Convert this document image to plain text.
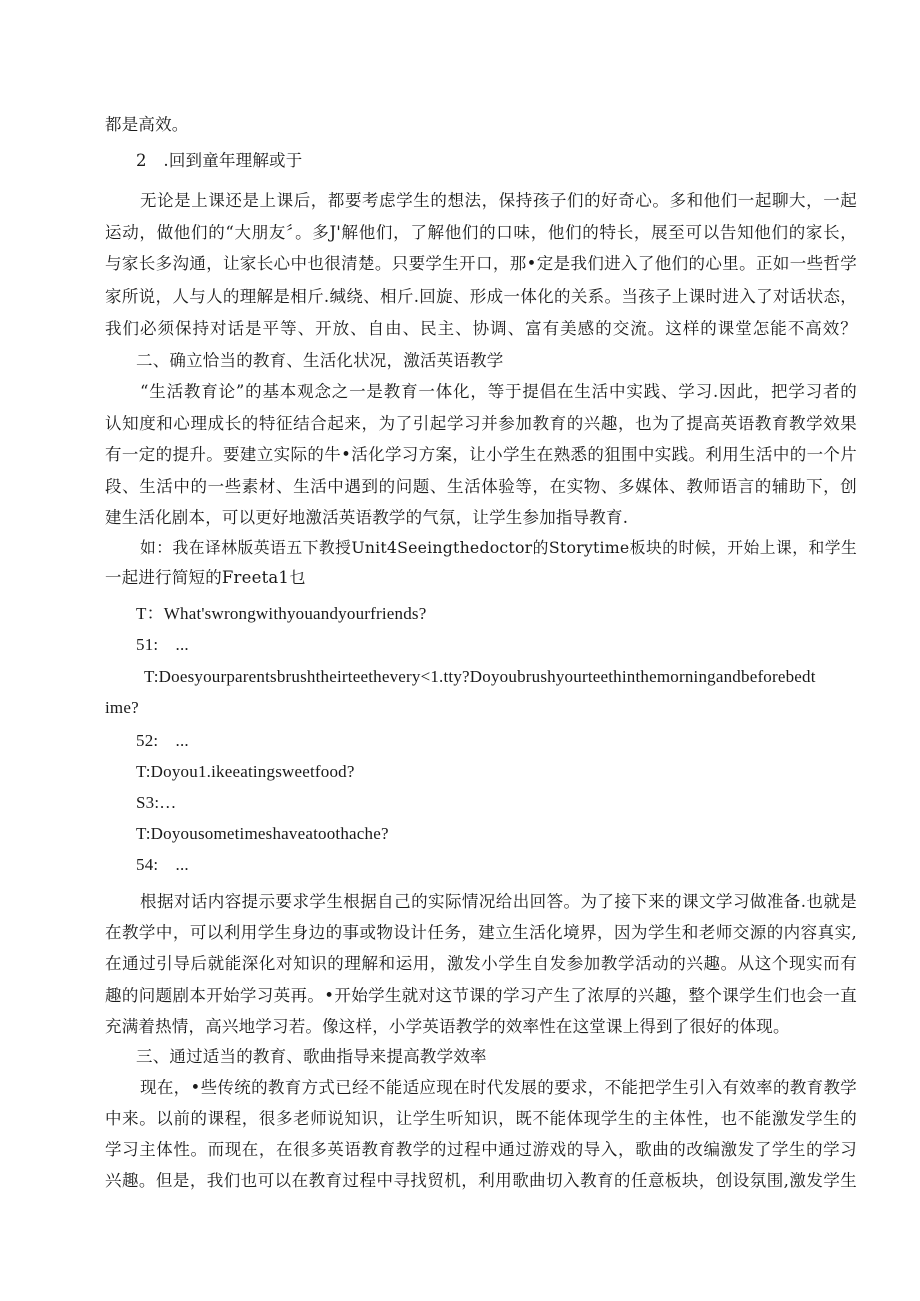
都是高效。
2　.回到童年理解或于
无论是上课还是上课后，都要考虑学生的想法，保持孩子们的好奇心。多和他们一起聊大，一起
运动，做他们的“大朋友〞。多J'解他们，了解他们的口味，他们的特长，展至可以告知他们的家长，
与家长多沟通，让家长心中也很清楚。只要学生开口，那•定是我们进入了他们的心里。正如一些哲学
家所说，人与人的理解是相斤.缄绕、相斤.回旋、形成一体化的关系。当孩子上课时进入了对话状态，
我们必须保持对话是平等、开放、自由、民主、协调、富有美感的交流。这样的课堂怎能不高效？
二、确立恰当的教育、生活化状况，激活英语教学
“生活教育论”的基本观念之一是教育一体化，等于提倡在生活中实践、学习.因此，把学习者的
认知度和心理成长的特征结合起来，为了引起学习并参加教育的兴趣，也为了提高英语教育教学效果
有一定的提升。要建立实际的牛•活化学习方案，让小学生在熟悉的狙围中实践。利用生活中的一个片
段、生活中的一些素材、生活中遇到的问题、生活体验等，在实物、多媒体、教师语言的辅助下，创
建生活化剧本，可以更好地激活英语教学的气氛，让学生参加指导教育.
如：我在译林版英语五下教授Unit4Seeingthedoctor的Storytime板块的时候，开始上课，和学生
一起进行简短的Freeta1乜
T：What'swrongwithyouandyourfriends?
51:　...
T:Doesyourparentsbrushtheirteethevery<1.tty?Doyoubrushyourteethinthemorningandbeforebedt
ime?
52:　...
T:Doyou1.ikeeatingsweetfood?
S3:…
T:Doyousometimeshaveatoothache?
54:　...
根据对话内容提示要求学生根据自己的实际情况给出回答。为了接下来的课文学习做准备.也就是
在教学中，可以利用学生身边的事或物设计任务，建立生活化境界，因为学生和老师交源的内容真实,
在通过引导后就能深化对知识的理解和运用，激发小学生自发参加教学活动的兴趣。从这个现实而有
趣的问题剧本开始学习英再。•开始学生就对这节课的学习产生了浓厚的兴趣，整个课学生们也会一直
充满着热情，高兴地学习若。像这样，小学英语教学的效率性在这堂课上得到了很好的体现。
三、通过适当的教育、歌曲指导来提高教学效率
现在，•些传统的教育方式已经不能适应现在时代发展的要求，不能把学生引入有效率的教育教学
中来。以前的课程，很多老师说知识，让学生听知识，既不能体现学生的主体性，也不能激发学生的
学习主体性。而现在，在很多英语教育教学的过程中通过游戏的导入，歌曲的改编激发了学生的学习
兴趣。但是，我们也可以在教育过程中寻找贸机，利用歌曲切入教育的任意板块，创设氛围,激发学生
